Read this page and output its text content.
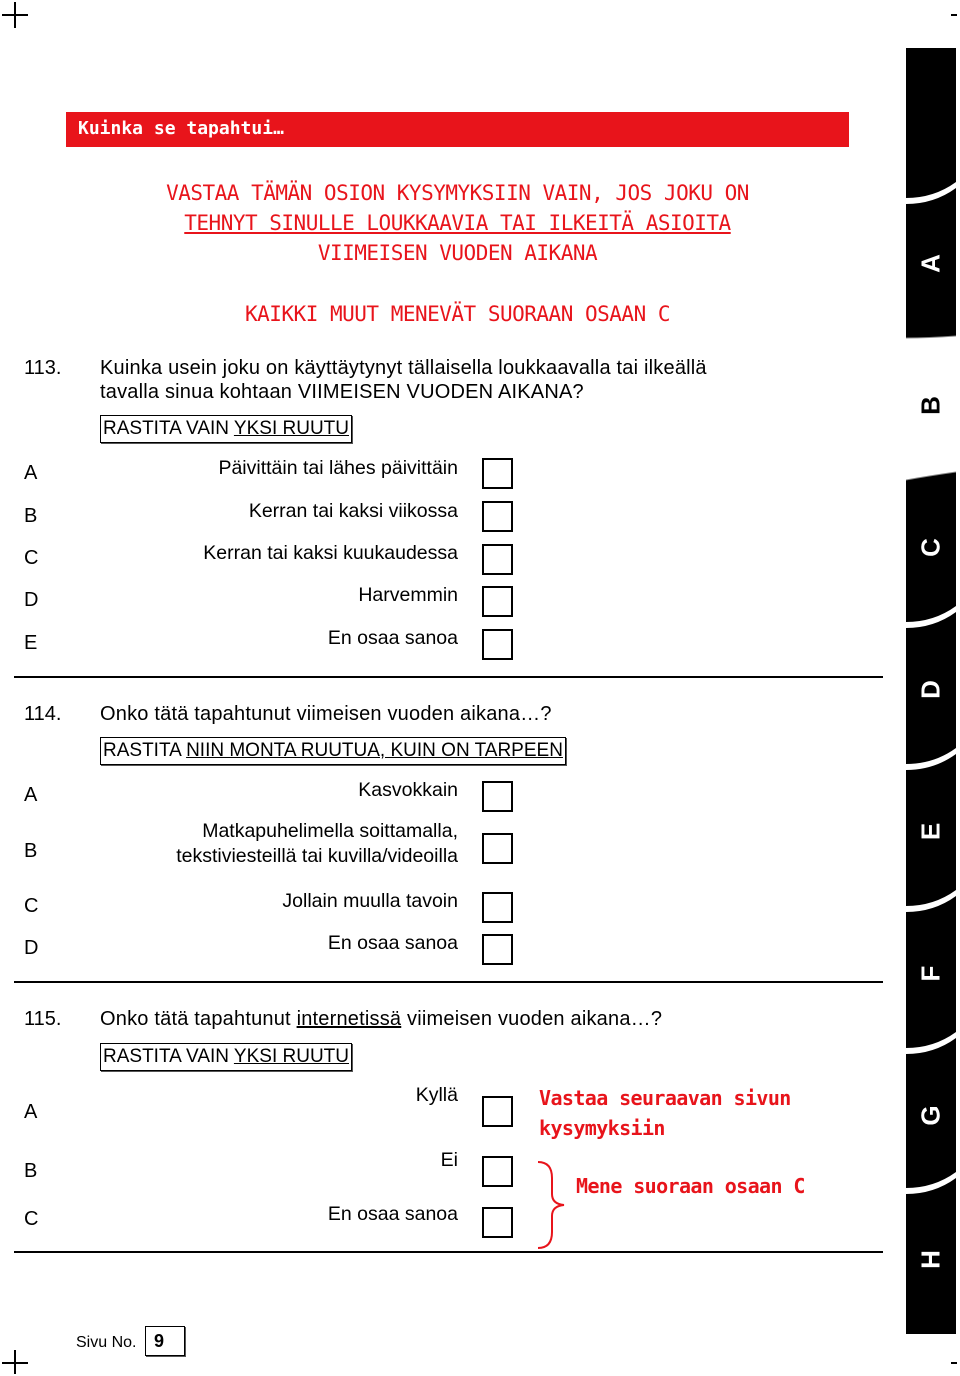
Kuinka se tapahtui…
VASTAA TÄMÄN OSION KYSYMYKSIIN VAIN, JOS JOKU ON
TEHNYT SINULLE LOUKKAAVIA TAI ILKEITÄ ASIOITA
VIIMEISEN VUODEN AIKANA
KAIKKI MUUT MENEVÄT SUORAAN OSAAN C
113. Kuinka usein joku on käyttäytynyt tällaisella loukkaavalla tai ilkeällä
tavalla sinua kohtaan VIIMEISEN VUODEN AIKANA?
RASTITA VAIN YKSI RUUTU
A	Päivittäin tai lähes päivittäin
B	Kerran tai kaksi viikossa
C	Kerran tai kaksi kuukaudessa
D	Harvemmin
E	En osaa sanoa
114. Onko tätä tapahtunut viimeisen vuoden aikana…?
RASTITA NIIN MONTA RUUTUA, KUIN ON TARPEEN
A	Kasvokkain
B
Matkapuhelimella soittamalla,
tekstiviesteillä tai kuvilla/videoilla
C	Jollain muulla tavoin
D	En osaa sanoa
115. Onko tätä tapahtunut internetissä viimeisen vuoden aikana…?
RASTITA VAIN YKSI RUUTU
A
Kyllä
B	Ei
C	En osaa sanoa
Vastaa seuraavan sivun
kysymyksiin
Mene suoraan osaan C
A
B
C
D
E
F
G
H
Sivu No. 9
